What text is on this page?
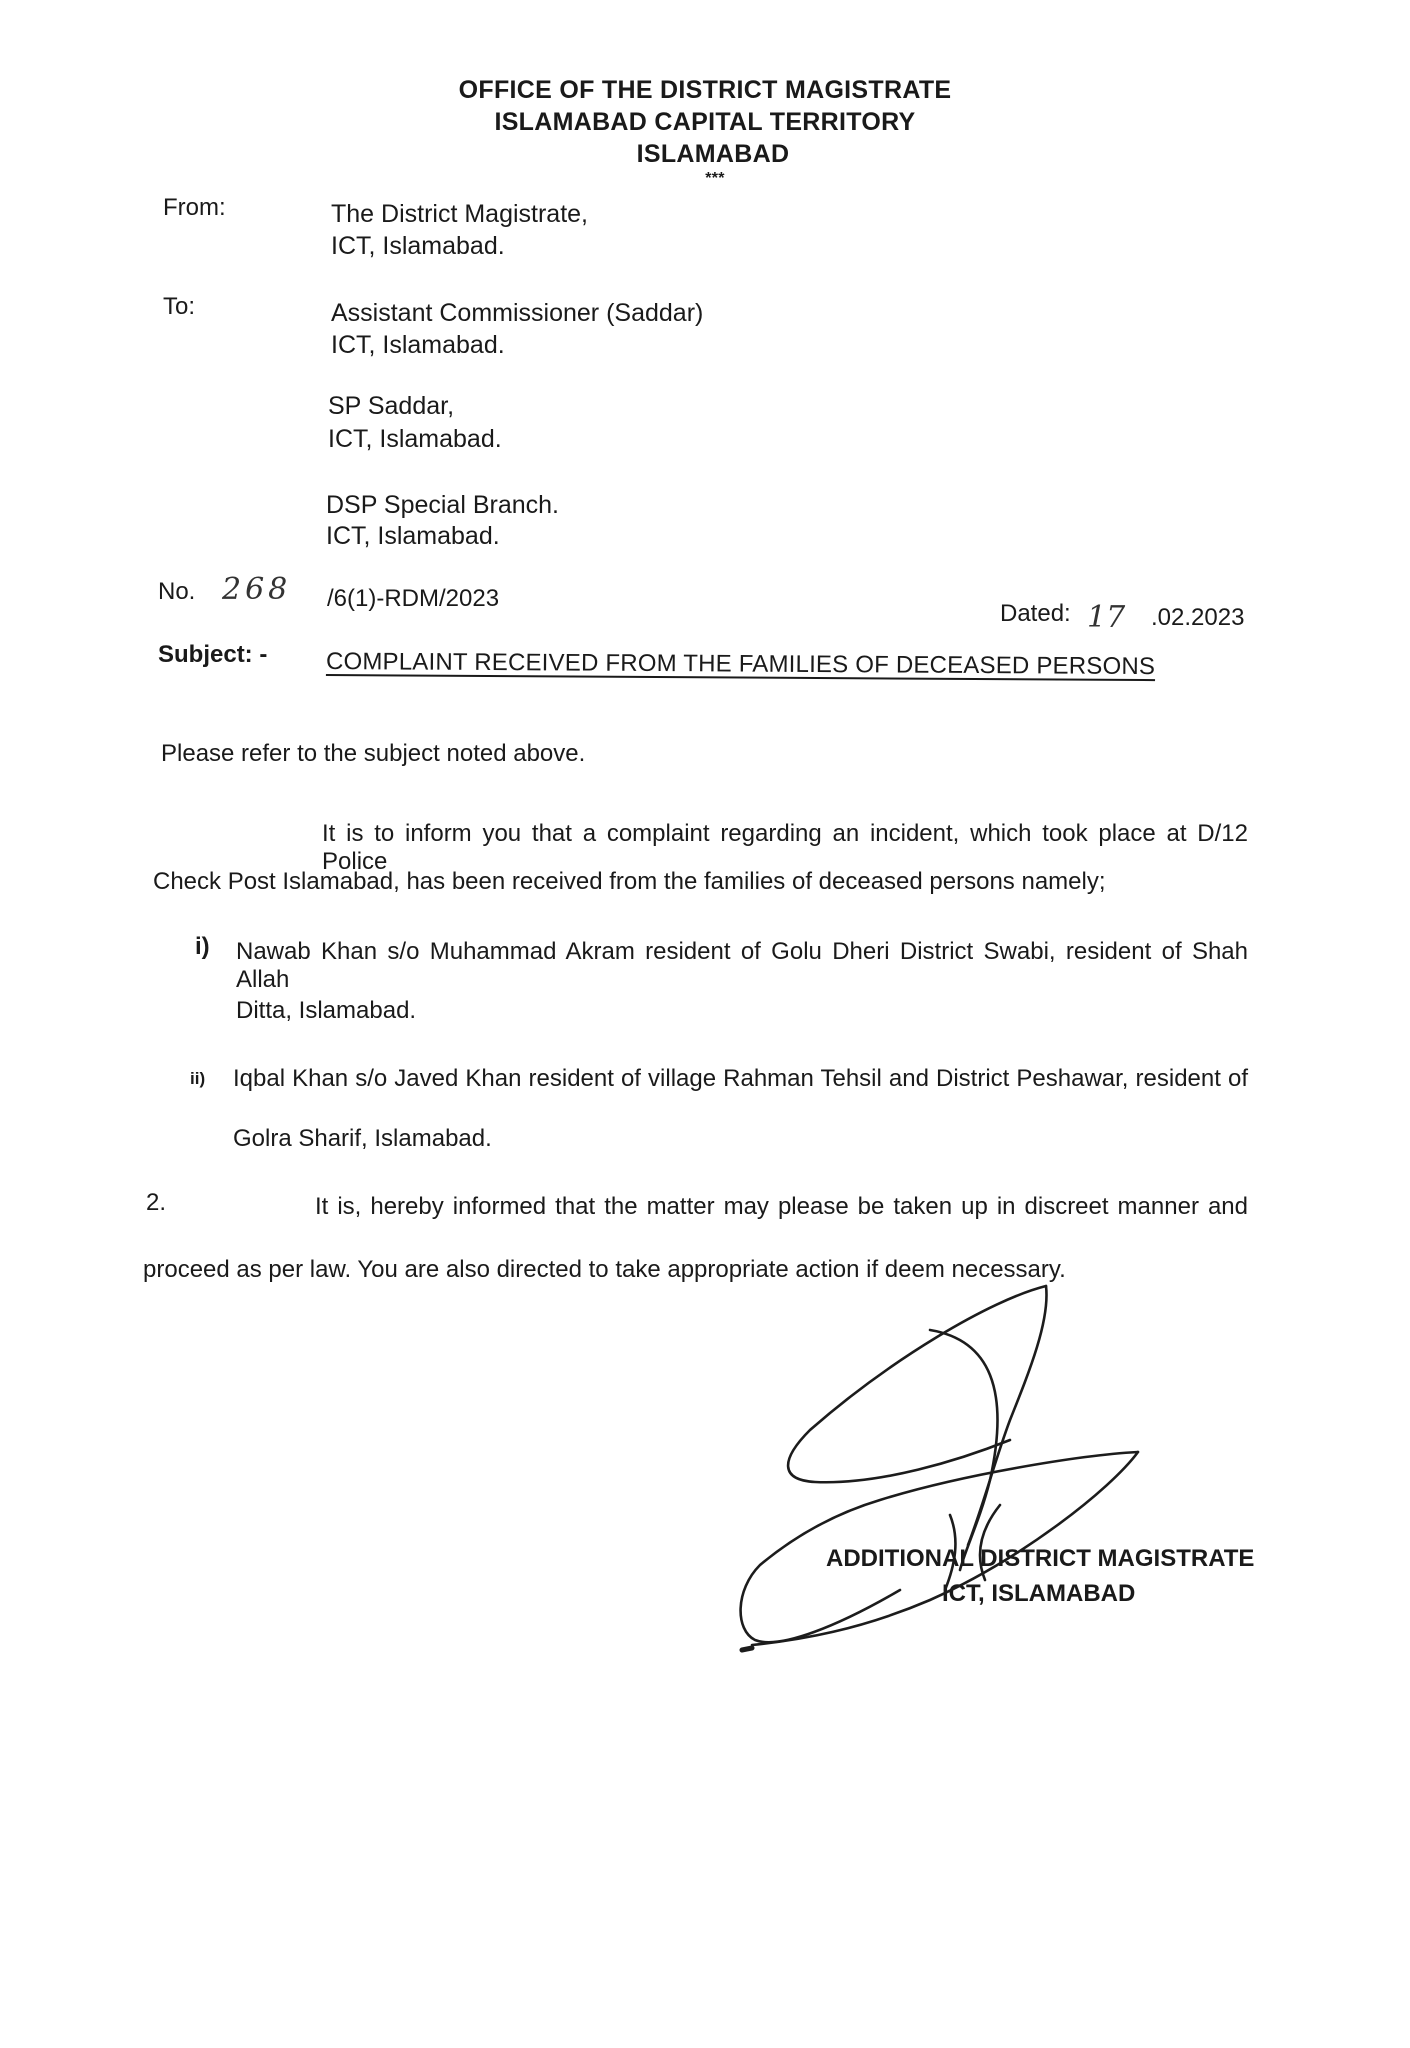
OFFICE OF THE DISTRICT MAGISTRATE
ISLAMABAD CAPITAL TERRITORY
ISLAMABAD
***
From:	The District Magistrate,
ICT, Islamabad.
To:	Assistant Commissioner (Saddar)
ICT, Islamabad.
SP Saddar,
ICT, Islamabad.
DSP Special Branch.
ICT, Islamabad.
No. 268 /6(1)-RDM/2023
Dated: 17 .02.2023
Subject: - COMPLAINT RECEIVED FROM THE FAMILIES OF DECEASED PERSONS
Please refer to the subject noted above.
It is to inform you that a complaint regarding an incident, which took place at D/12 Police
Check Post Islamabad, has been received from the families of deceased persons namely;
i) Nawab Khan s/o Muhammad Akram resident of Golu Dheri District Swabi, resident of Shah Allah
Ditta, Islamabad.
ii) Iqbal Khan s/o Javed Khan resident of village Rahman Tehsil and District Peshawar, resident of
Golra Sharif, Islamabad.
2.	It is, hereby informed that the matter may please be taken up in discreet manner and
proceed as per law. You are also directed to take appropriate action if deem necessary.
ADDITIONAL DISTRICT MAGISTRATE
ICT, ISLAMABAD
